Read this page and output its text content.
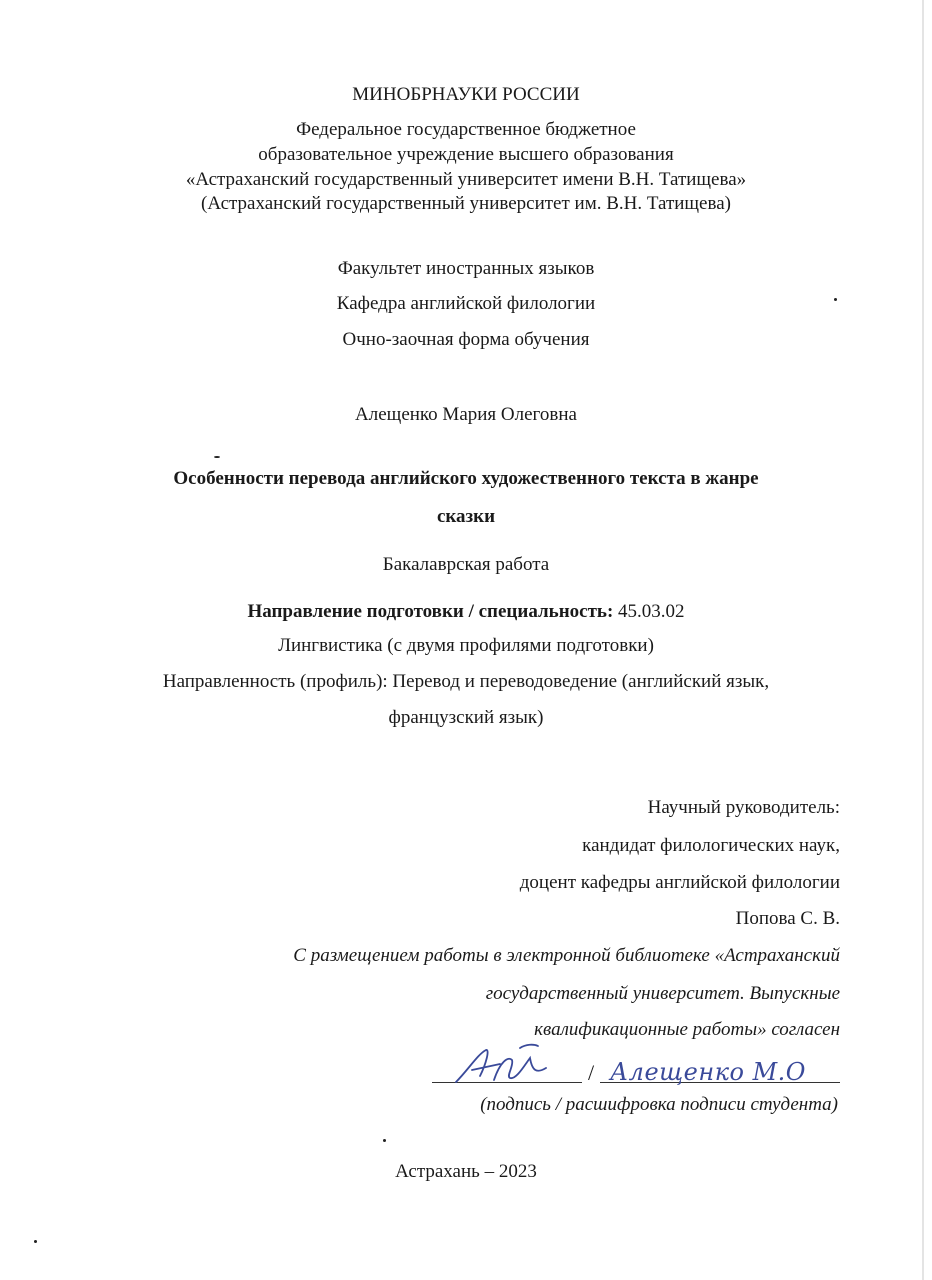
МИНОБРНАУКИ РОССИИ
Федеральное государственное бюджетное
образовательное учреждение высшего образования
«Астраханский государственный университет имени В.Н. Татищева»
(Астраханский государственный университет им. В.Н. Татищева)
Факультет иностранных языков
Кафедра английской филологии
Очно-заочная форма обучения
Алещенко Мария Олеговна
Особенности перевода английского художественного текста в жанре
сказки
Бакалаврская работа
Направление подготовки / специальность: 45.03.02
Лингвистика (с двумя профилями подготовки)
Направленность (профиль): Перевод и переводоведение (английский язык,
французский язык)
Научный руководитель:
кандидат филологических наук,
доцент кафедры английской филологии
Попова С. В.
С размещением работы в электронной библиотеке «Астраханский
государственный университет. Выпускные
квалификационные работы» согласен
/ Алещенко М.О
(подпись / расшифровка подписи студента)
Астрахань – 2023
